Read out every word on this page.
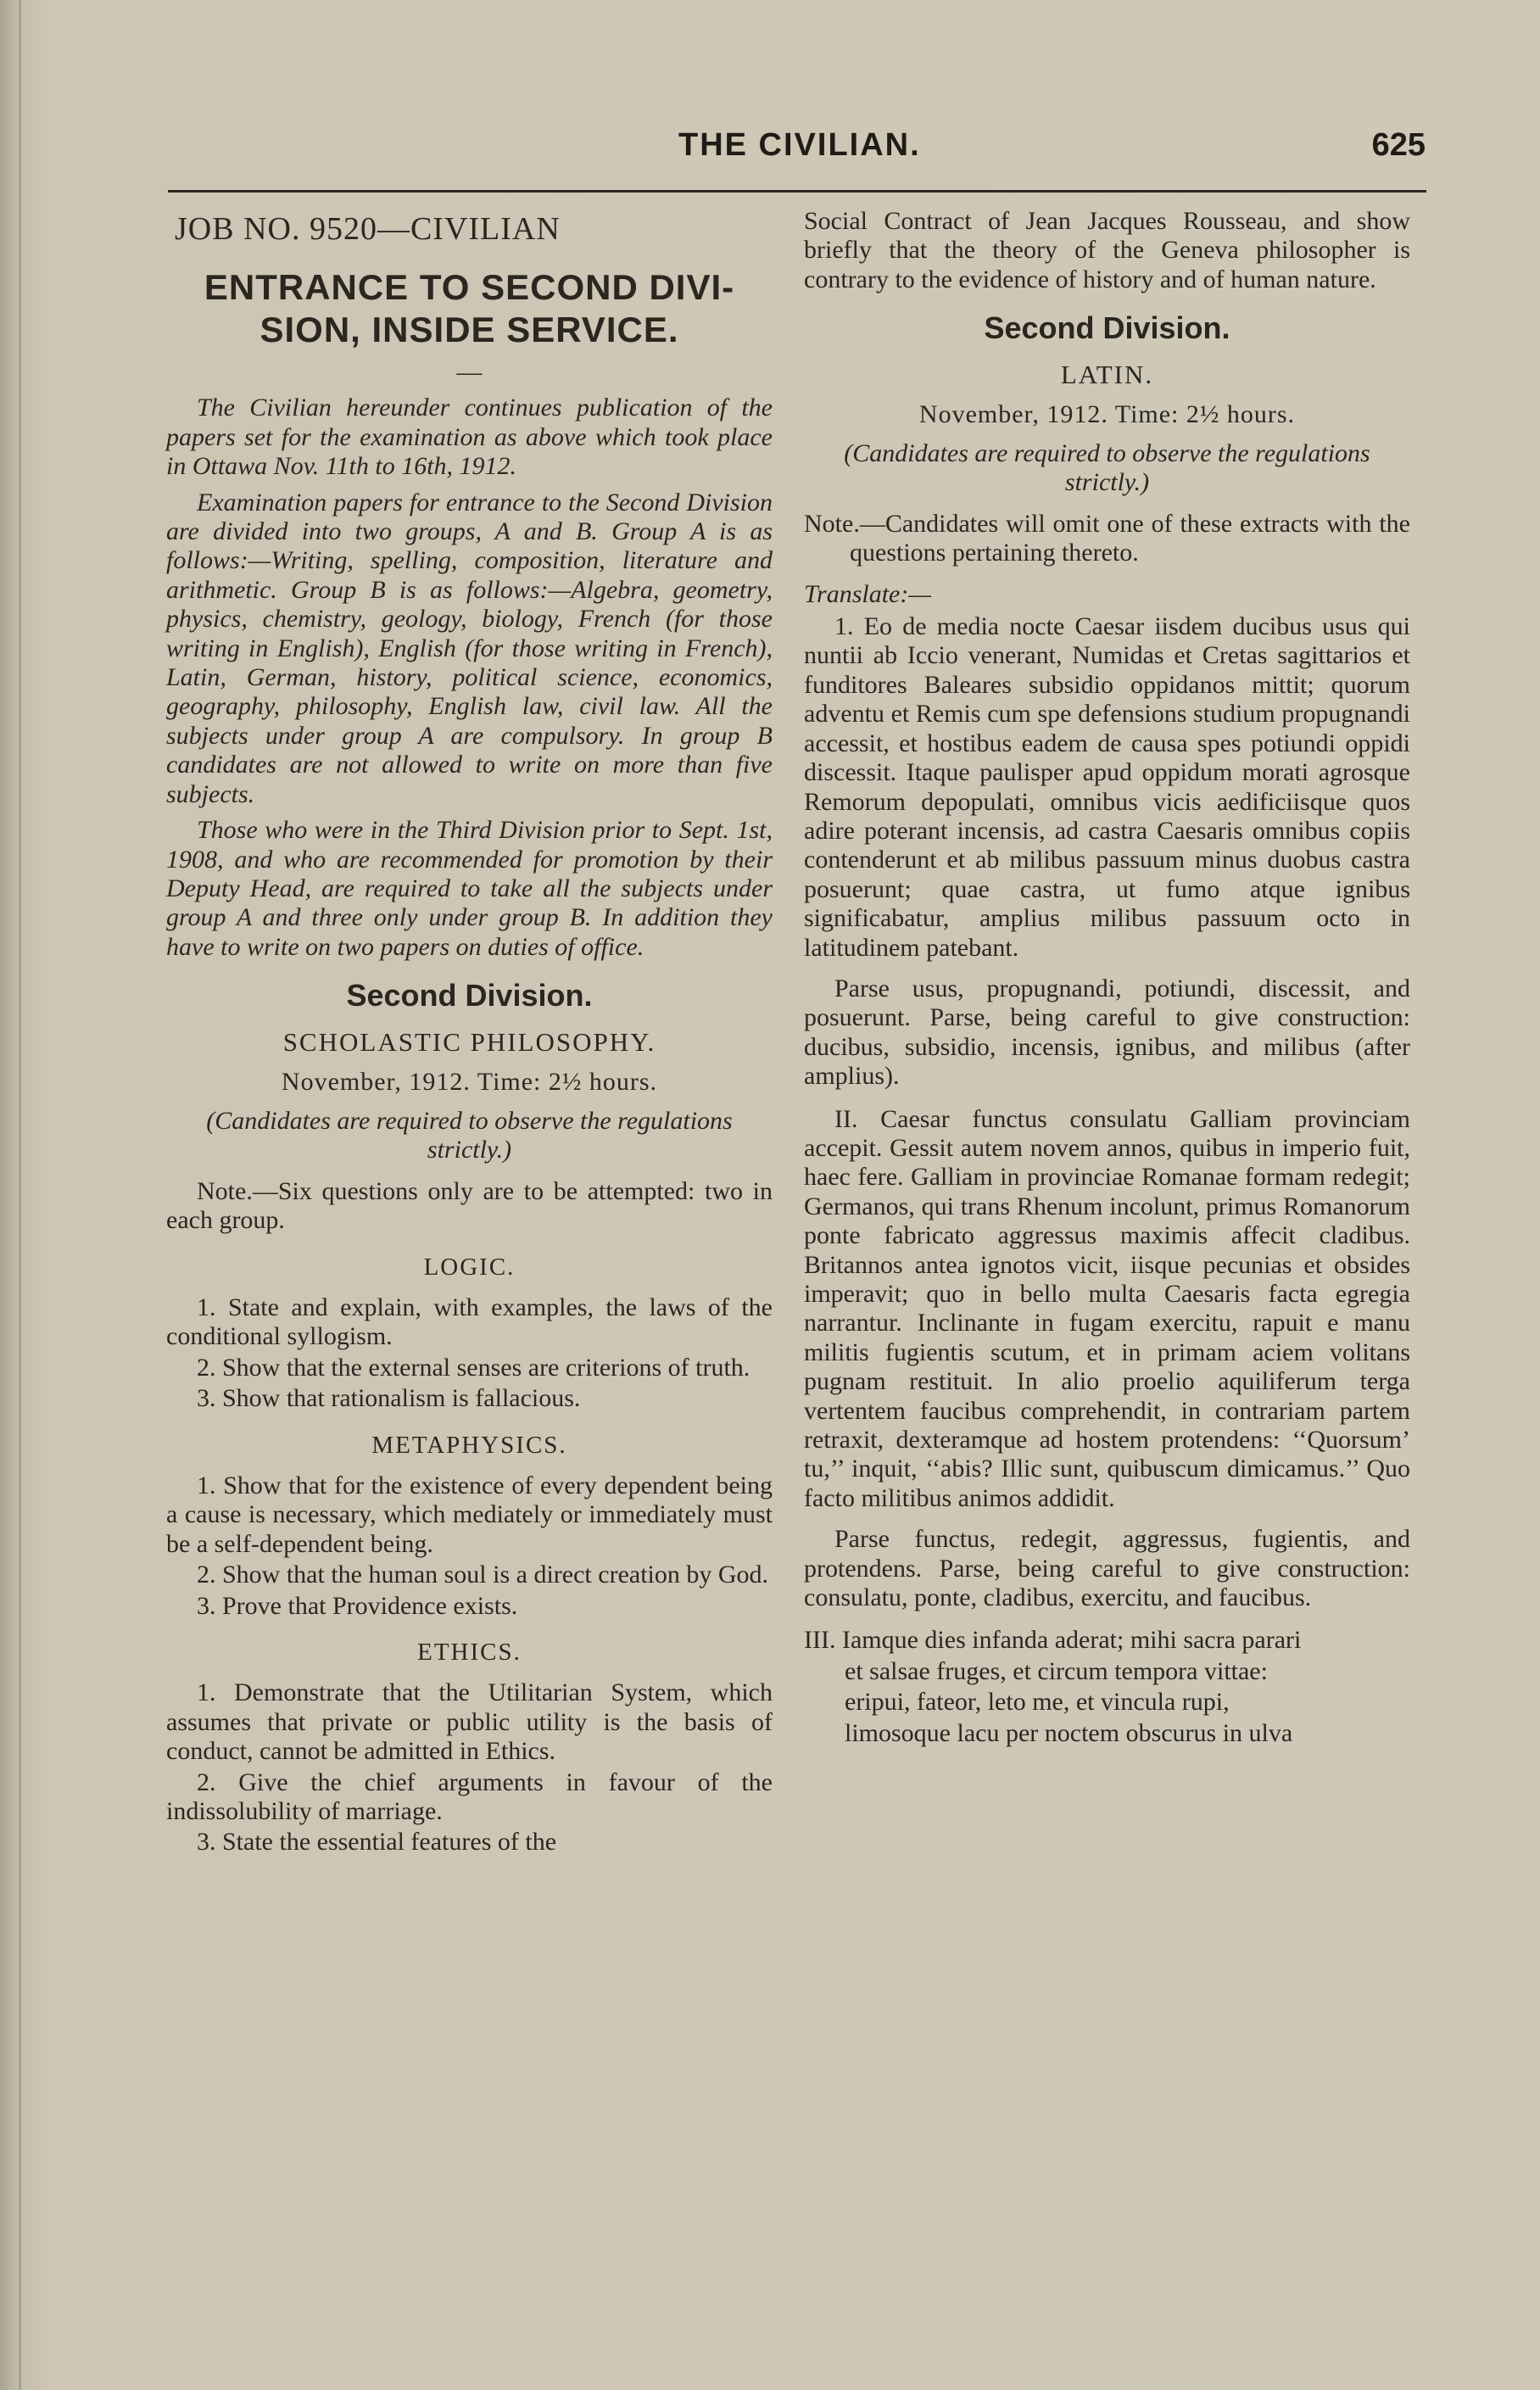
THE CIVILIAN.	625

JOB NO. 9520—CIVILIAN

ENTRANCE TO SECOND DIVI-SION, INSIDE SERVICE.

—

The Civilian hereunder continues publication of the papers set for the examination as above which took place in Ottawa Nov. 11th to 16th, 1912.

Examination papers for entrance to the Second Division are divided into two groups, A and B. Group A is as follows:—Writing, spelling, composition, literature and arithmetic. Group B is as follows:—Algebra, geometry, physics, chemistry, geology, biology, French (for those writing in English), English (for those writing in French), Latin, German, history, political science, economics, geography, philosophy, English law, civil law. All the subjects under group A are compulsory. In group B candidates are not allowed to write on more than five subjects.

Those who were in the Third Division prior to Sept. 1st, 1908, and who are recommended for promotion by their Deputy Head, are required to take all the subjects under group A and three only under group B. In addition they have to write on two papers on duties of office.

Second Division.

SCHOLASTIC PHILOSOPHY.

November, 1912. Time: 2½ hours.

(Candidates are required to observe the regulations strictly.)

Note.—Six questions only are to be attempted: two in each group.

LOGIC.

1. State and explain, with examples, the laws of the conditional syllogism.

2. Show that the external senses are criterions of truth.

3. Show that rationalism is fallacious.

METAPHYSICS.

1. Show that for the existence of every dependent being a cause is necessary, which mediately or immediately must be a self-dependent being.

2. Show that the human soul is a direct creation by God.

3. Prove that Providence exists.

ETHICS.

1. Demonstrate that the Utilitarian System, which assumes that private or public utility is the basis of conduct, cannot be admitted in Ethics.

2. Give the chief arguments in favour of the indissolubility of marriage.

3. State the essential features of the

Social Contract of Jean Jacques Rousseau, and show briefly that the theory of the Geneva philosopher is contrary to the evidence of history and of human nature.

Second Division.

LATIN.

November, 1912. Time: 2½ hours.

(Candidates are required to observe the regulations strictly.)

Note.—Candidates will omit one of these extracts with the questions pertaining thereto.

Translate:—

1. Eo de media nocte Caesar iisdem ducibus usus qui nuntii ab Iccio venerant, Numidas et Cretas sagittarios et funditores Baleares subsidio oppidanos mittit; quorum adventu et Remis cum spe defensions studium propugnandi accessit, et hostibus eadem de causa spes potiundi oppidi discessit. Itaque paulisper apud oppidum morati agrosque Remorum depopulati, omnibus vicis aedificiisque quos adire poterant incensis, ad castra Caesaris omnibus copiis contenderunt et ab milibus passuum minus duobus castra posuerunt; quae castra, ut fumo atque ignibus significabatur, amplius milibus passuum octo in latitudinem patebant.

Parse usus, propugnandi, potiundi, discessit, and posuerunt. Parse, being careful to give construction: ducibus, subsidio, incensis, ignibus, and milibus (after amplius).

II. Caesar functus consulatu Galliam provinciam accepit. Gessit autem novem annos, quibus in imperio fuit, haec fere. Galliam in provinciae Romanae formam redegit; Germanos, qui trans Rhenum incolunt, primus Romanorum ponte fabricato aggressus maximis affecit cladibus. Britannos antea ignotos vicit, iisque pecunias et obsides imperavit; quo in bello multa Caesaris facta egregia narrantur. Inclinante in fugam exercitu, rapuit e manu militis fugientis scutum, et in primam aciem volitans pugnam restituit. In alio proelio aquiliferum terga vertentem faucibus comprehendit, in contrariam partem retraxit, dexteramque ad hostem protendens: ‘‘Quorsum’ tu,’’ inquit, ‘‘abis? Illic sunt, quibuscum dimicamus.’’ Quo facto militibus animos addidit.

Parse functus, redegit, aggressus, fugientis, and protendens. Parse, being careful to give construction: consulatu, ponte, cladibus, exercitu, and faucibus.

III. Iamque dies infanda aderat; mihi sacra parari

et salsae fruges, et circum tempora vittae:

eripui, fateor, leto me, et vincula rupi,

limosoque lacu per noctem obscurus in ulva
